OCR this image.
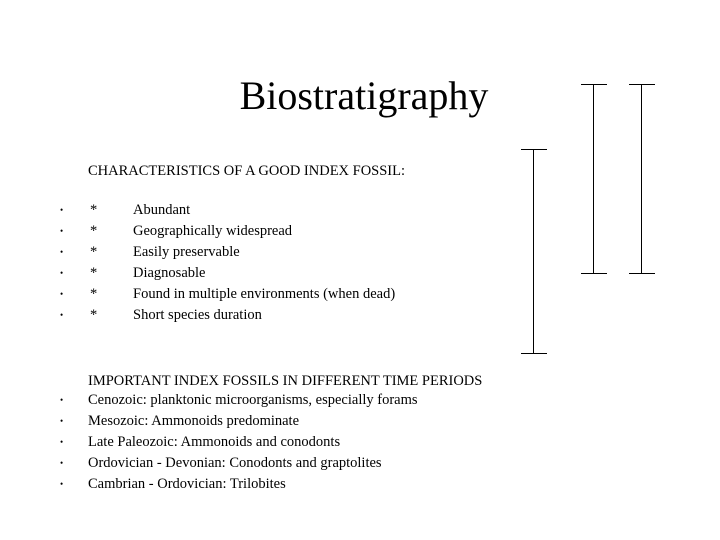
Biostratigraphy
CHARACTERISTICS OF A GOOD INDEX FOSSIL:
• * Abundant
• * Geographically widespread
• * Easily preservable
• * Diagnosable
• * Found in multiple environments (when dead)
• * Short species duration
IMPORTANT INDEX FOSSILS IN DIFFERENT TIME PERIODS
• Cenozoic: planktonic microorganisms, especially forams
• Mesozoic: Ammonoids predominate
• Late Paleozoic: Ammonoids and conodonts
• Ordovician - Devonian: Conodonts and graptolites
• Cambrian - Ordovician: Trilobites
